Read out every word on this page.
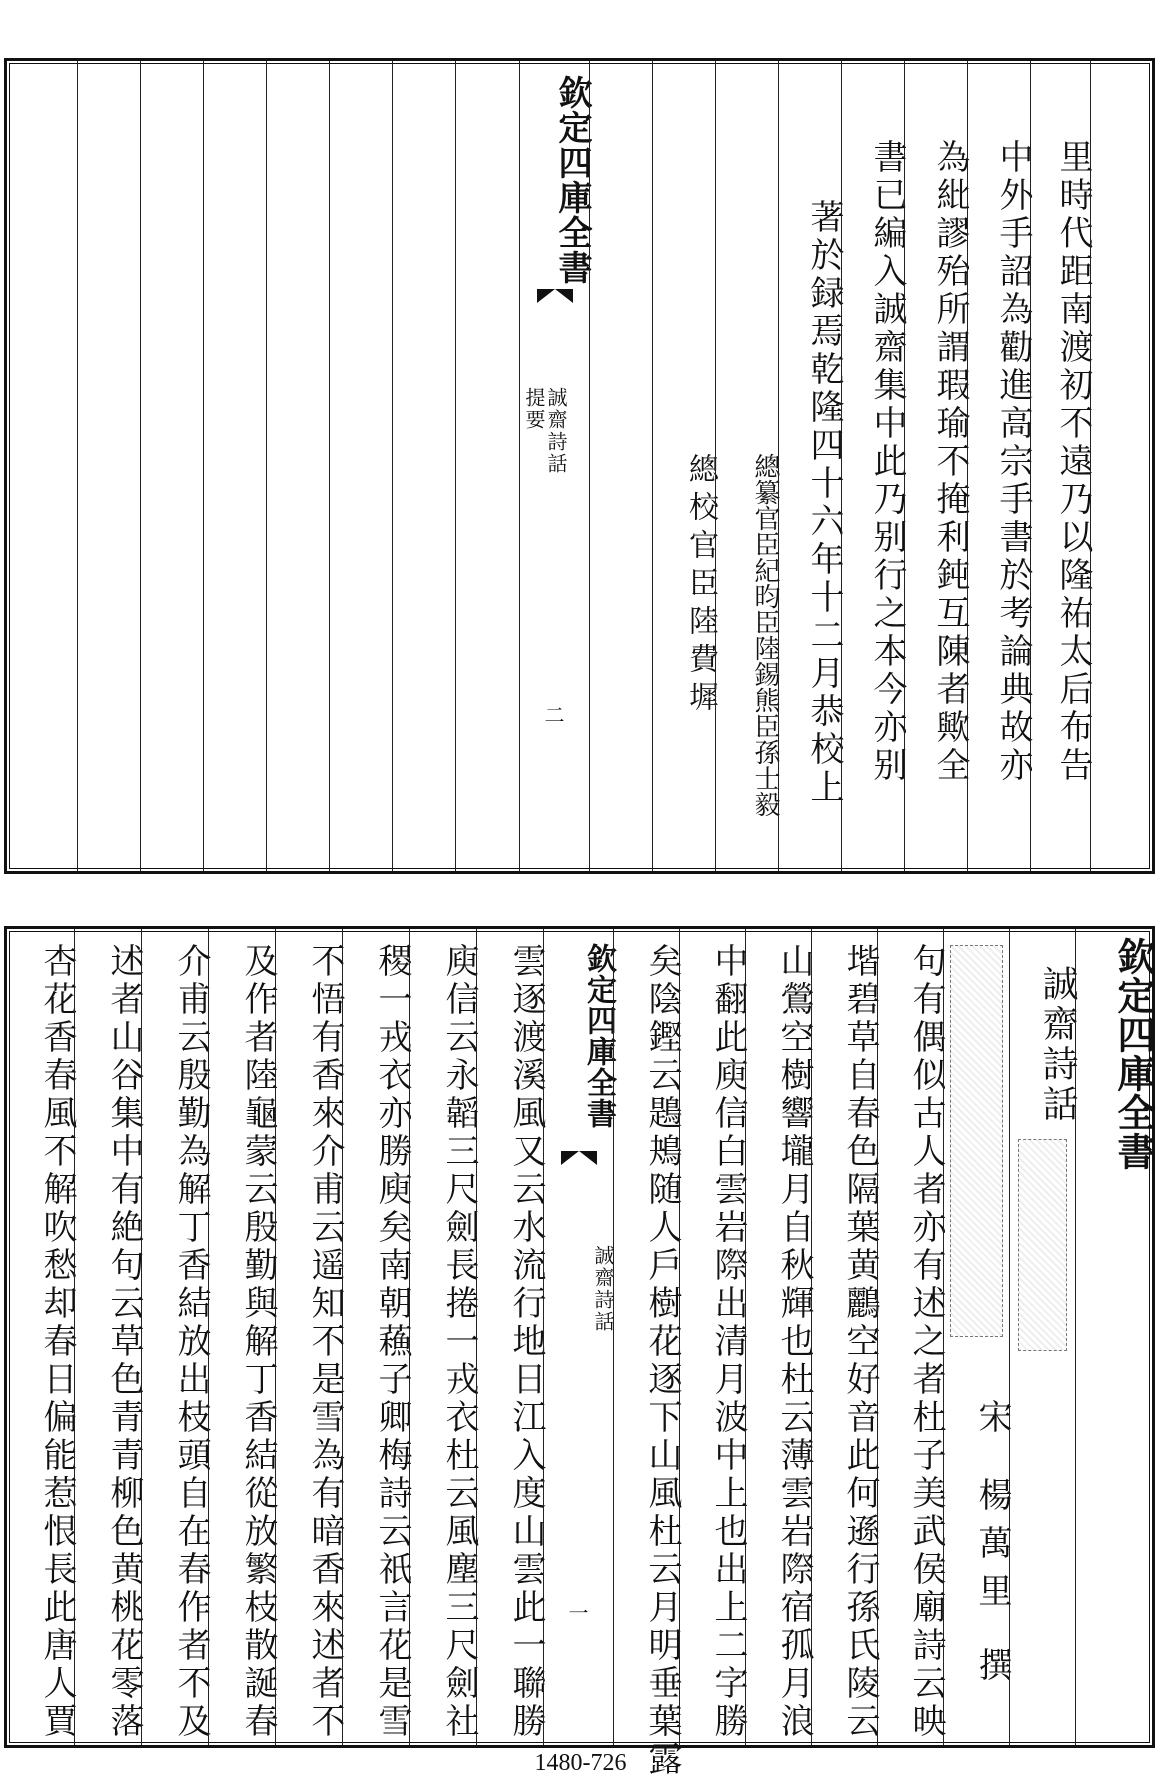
欽定四庫全書
誠齋詩話
提要
二	總校官臣陸費墀	總纂官臣紀昀臣陸錫熊臣孫士毅 著於録焉乾隆四十六年十二月恭校上 書已編入誠齋集中此乃别行之本今亦别 為紕謬殆所謂瑕瑜不掩利鈍互陳者歟全 中外手詔為勸進高宗手書於考論典故亦 里時代距南渡初不遠乃以隆祐太后布告
杏花香春風不解吹愁却春日偏能惹恨長此唐人賈 述者山谷集中有絶句云草色青青柳色黄桃花零落 介甫云殷勤為解丁香結放出枝頭自在春作者不及 及作者陸龜蒙云殷勤與解丁香結從放繁枝散誕春 不悟有香來介甫云遥知不是雪為有暗香來述者不 稷一戎衣亦勝庾矣南朝蘓子卿梅詩云祇言花是雪 庾信云永韜三尺劍長捲一戎衣杜云風塵三尺劍社 雲逐渡溪風又云水流行地日江入度山雲此一聯勝	欽定四庫全書
誠齋詩話
一	矣陰鏗云鶗鴂随人戶樹花逐下山風杜云月明垂葉露 中翻此庾信白雲岩際出清月波中上也出上二字勝 山鶯空樹響壠月自秋輝也杜云薄雲岩際宿孤月浪 堦碧草自春色隔葉黄鸝空好音此何遜行孫氏陵云 句有偶似古人者亦有述之者杜子美武侯廟詩云映 宋
楊萬里
撰
誠齋詩話 欽定四庫全書
1480-726
